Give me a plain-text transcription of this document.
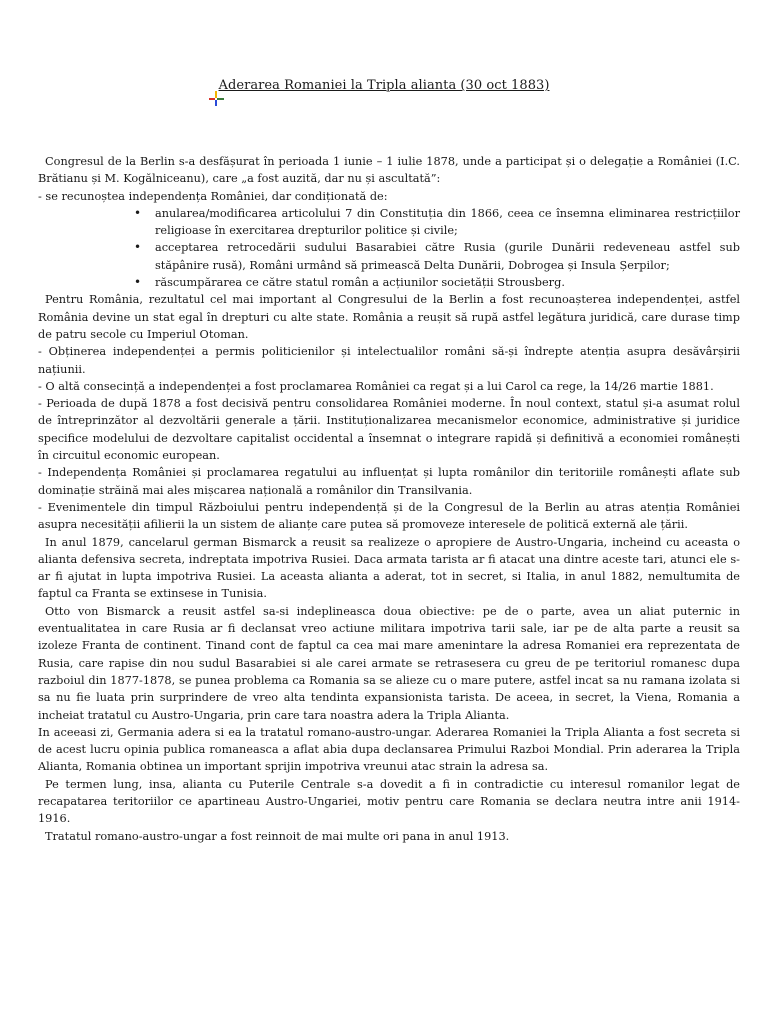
Aderarea Romaniei la Tripla alianta (30 oct 1883)

Congresul de la Berlin s-a desfășurat în perioada 1 iunie – 1 iulie 1878, unde a participat și o delegație a României (I.C. Brătianu și M. Kogălniceanu), care „a fost auzită, dar nu și ascultată”:

- se recunoștea independența României, dar condiționată de:

• anularea/modificarea articolului 7 din Constituția din 1866, ceea ce însemna eliminarea restricțiilor religioase în exercitarea drepturilor politice și civile;
• acceptarea retrocedării sudului Basarabiei către Rusia (gurile Dunării redeveneau astfel sub stăpânire rusă), Români urmând să primească Delta Dunării, Dobrogea și Insula Șerpilor;
• răscumpărarea ce către statul român a acțiunilor societății Strousberg.

Pentru România, rezultatul cel mai important al Congresului de la Berlin a fost recunoașterea independenței, astfel România devine un stat egal în drepturi cu alte state. România a reușit să rupă astfel legătura juridică, care durase timp de patru secole cu Imperiul Otoman.

- Obținerea independenței a permis politicienilor și intelectualilor români să-și îndrepte atenția asupra desăvârșirii națiunii.

- O altă consecință a independenței a fost proclamarea României ca regat și a lui Carol ca rege, la 14/26 martie 1881.

- Perioada de după 1878 a fost decisivă pentru consolidarea României moderne. În noul context, statul și-a asumat rolul de întreprinzător al dezvoltării generale a țării. Instituționalizarea mecanismelor economice, administrative și juridice specifice modelului de dezvoltare capitalist occidental a însemnat o integrare rapidă și definitivă a economiei românești în circuitul economic european.

- Independența României și proclamarea regatului au influențat și lupta românilor din teritoriile românești aflate sub dominație străină mai ales mișcarea națională a românilor din Transilvania.

- Evenimentele din timpul Războiului pentru independență și de la Congresul de la Berlin au atras atenția României asupra necesității afilierii la un sistem de alianțe care putea să promoveze interesele de politică externă ale țării.

In anul 1879, cancelarul german Bismarck a reusit sa realizeze o apropiere de Austro-Ungaria, incheind cu aceasta o alianta defensiva secreta, indreptata impotriva Rusiei. Daca armata tarista ar fi atacat una dintre aceste tari, atunci ele s-ar fi ajutat in lupta impotriva Rusiei. La aceasta alianta a aderat, tot in secret, si Italia, in anul 1882, nemultumita de faptul ca Franta se extinsese in Tunisia.

Otto von Bismarck a reusit astfel sa-si indeplineasca doua obiective: pe de o parte, avea un aliat puternic in eventualitatea in care Rusia ar fi declansat vreo actiune militara impotriva tarii sale, iar pe de alta parte a reusit sa izoleze Franta de continent. Tinand cont de faptul ca cea mai mare amenintare la adresa Romaniei era reprezentata de Rusia, care rapise din nou sudul Basarabiei si ale carei armate se retrasesera cu greu de pe teritoriul romanesc dupa razboiul din 1877-1878, se punea problema ca Romania sa se alieze cu o mare putere, astfel incat sa nu ramana izolata si sa nu fie luata prin surprindere de vreo alta tendinta expansionista tarista. De aceea, in secret, la Viena, Romania a incheiat tratatul cu Austro-Ungaria, prin care tara noastra adera la Tripla Alianta.

In aceeasi zi, Germania adera si ea la tratatul romano-austro-ungar. Aderarea Romaniei la Tripla Alianta a fost secreta si de acest lucru opinia publica romaneasca a aflat abia dupa declansarea Primului Razboi Mondial. Prin aderarea la Tripla Alianta, Romania obtinea un important sprijin impotriva vreunui atac strain la adresa sa.

Pe termen lung, insa, alianta cu Puterile Centrale s-a dovedit a fi in contradictie cu interesul romanilor legat de recapatarea teritoriilor ce apartineau Austro-Ungariei, motiv pentru care Romania se declara neutra intre anii 1914-1916.

Tratatul romano-austro-ungar a fost reinnoit de mai multe ori pana in anul 1913.
